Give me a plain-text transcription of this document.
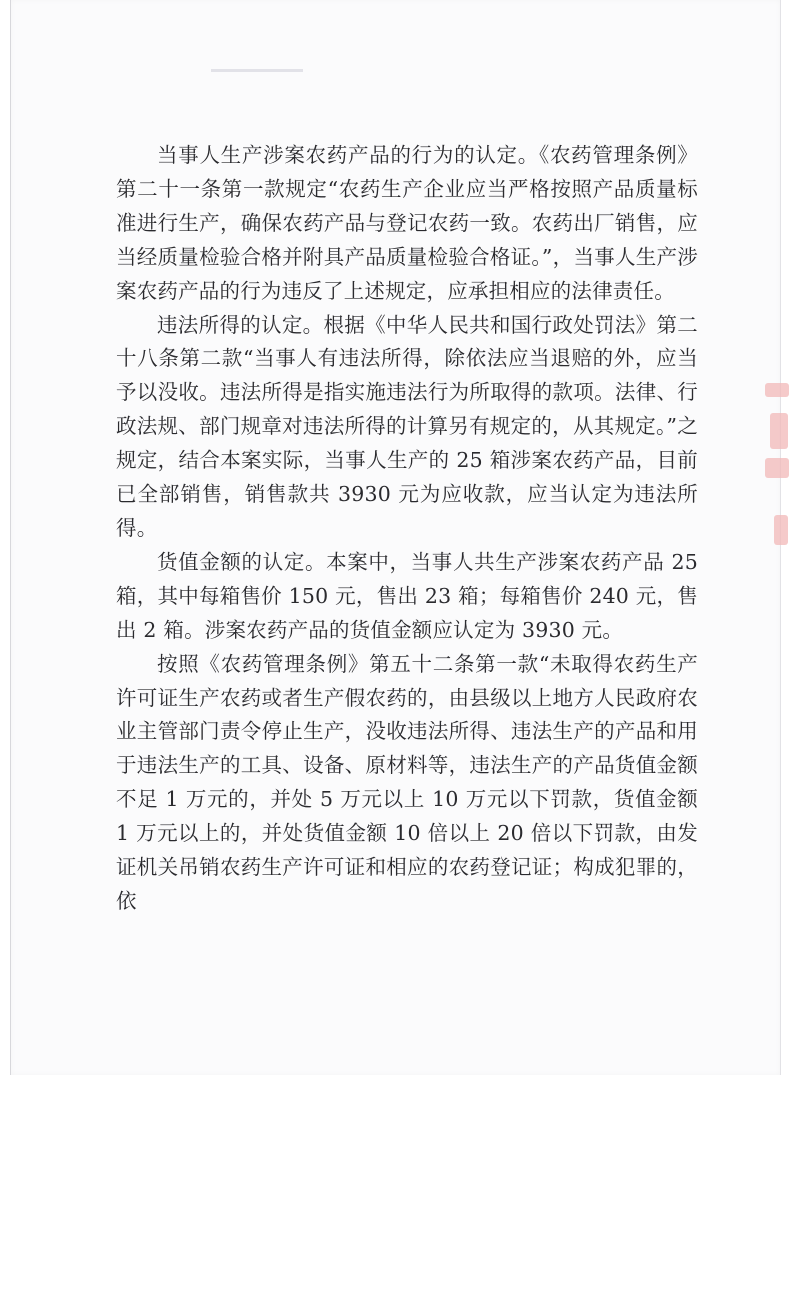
当事人生产涉案农药产品的行为的认定。《农药管理条例》第二十一条第一款规定“农药生产企业应当严格按照产品质量标准进行生产，确保农药产品与登记农药一致。农药出厂销售，应当经质量检验合格并附具产品质量检验合格证。”，当事人生产涉案农药产品的行为违反了上述规定，应承担相应的法律责任。

违法所得的认定。根据《中华人民共和国行政处罚法》第二十八条第二款“当事人有违法所得，除依法应当退赔的外，应当予以没收。违法所得是指实施违法行为所取得的款项。法律、行政法规、部门规章对违法所得的计算另有规定的，从其规定。”之规定，结合本案实际，当事人生产的 25 箱涉案农药产品，目前已全部销售，销售款共 3930 元为应收款，应当认定为违法所得。

货值金额的认定。本案中，当事人共生产涉案农药产品 25 箱，其中每箱售价 150 元，售出 23 箱；每箱售价 240 元，售出 2 箱。涉案农药产品的货值金额应认定为 3930 元。

按照《农药管理条例》第五十二条第一款“未取得农药生产许可证生产农药或者生产假农药的，由县级以上地方人民政府农业主管部门责令停止生产，没收违法所得、违法生产的产品和用于违法生产的工具、设备、原材料等，违法生产的产品货值金额不足 1 万元的，并处 5 万元以上 10 万元以下罚款，货值金额 1 万元以上的，并处货值金额 10 倍以上 20 倍以下罚款，由发证机关吊销农药生产许可证和相应的农药登记证；构成犯罪的，依
